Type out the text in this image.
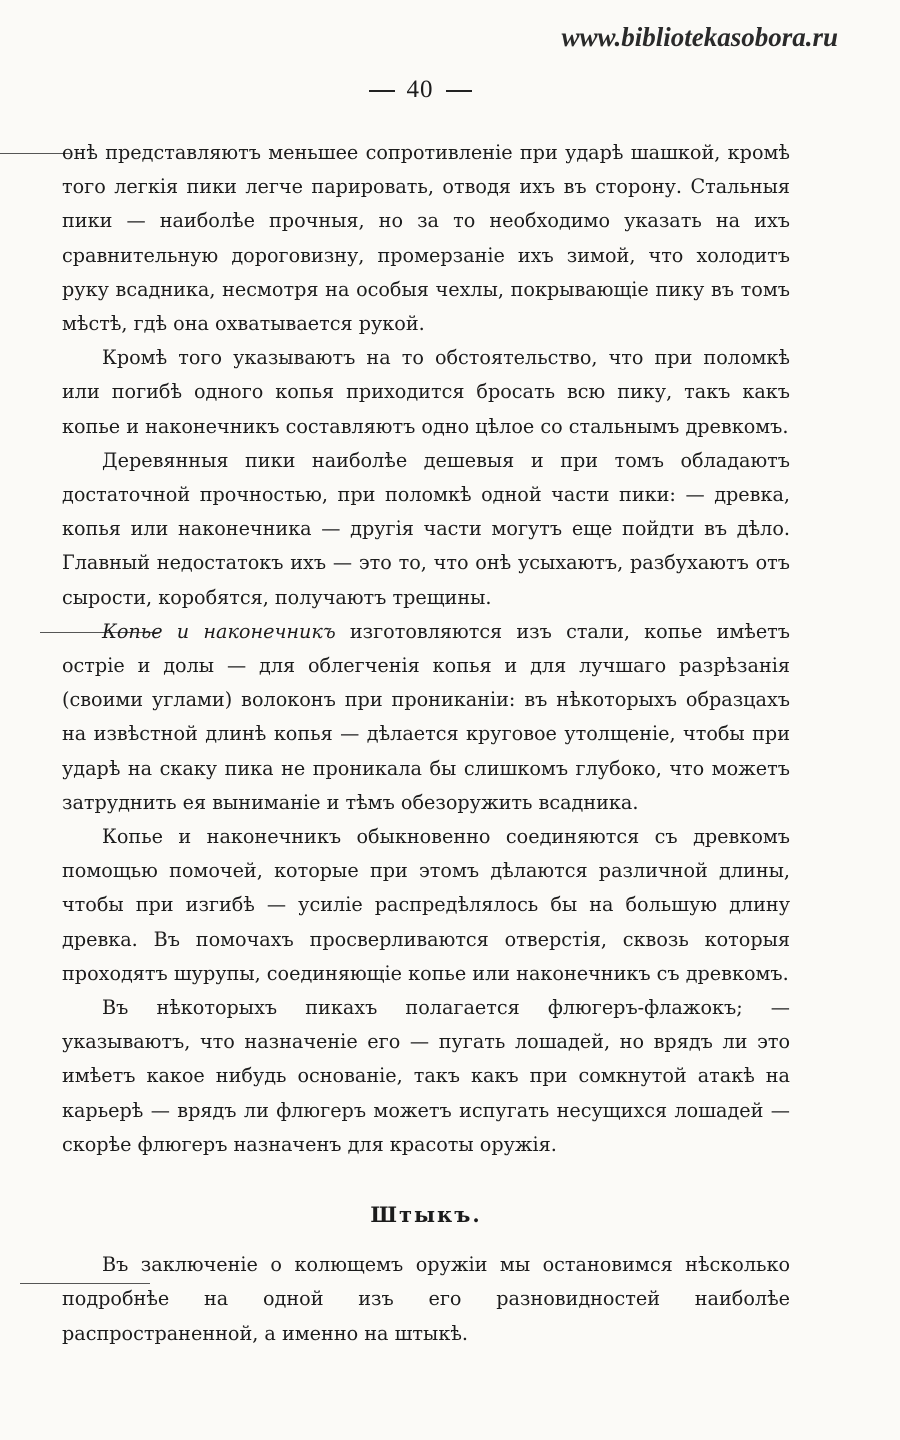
www.bibliotekasobora.ru
40

онѣ представляютъ меньшее сопротивленіе при ударѣ шашкой, кромѣ того легкія пики легче парировать, отводя ихъ въ сторону. Стальныя пики — наиболѣе прочныя, но за то необходимо указать на ихъ сравнительную дороговизну, промерзаніе ихъ зимой, что холодитъ руку всадника, несмотря на особыя чехлы, покрывающіе пику въ томъ мѣстѣ, гдѣ она охватывается рукой.

Кромѣ того указываютъ на то обстоятельство, что при поломкѣ или погибѣ одного копья приходится бросать всю пику, такъ какъ копье и наконечникъ составляютъ одно цѣлое со стальнымъ древкомъ.

Деревянныя пики наиболѣе дешевыя и при томъ обладаютъ достаточной прочностью, при поломкѣ одной части пики: — древка, копья или наконечника — другія части могутъ еще пойдти въ дѣло. Главный недостатокъ ихъ — это то, что онѣ усыхаютъ, разбухаютъ отъ сырости, коробятся, получаютъ трещины.

Копье и наконечникъ изготовляются изъ стали, копье имѣетъ остріе и долы — для облегченія копья и для лучшаго разрѣзанія (своими углами) волоконъ при проникaніи: въ нѣкоторыхъ образцахъ на извѣстной длинѣ копья — дѣлается круговое утолщеніе, чтобы при ударѣ на скаку пика не проникала бы слишкомъ глубоко, что можетъ затруднить ея выниманіе и тѣмъ обезоружить всадника.

Копье и наконечникъ обыкновенно соединяются съ древкомъ помощью помочей, которые при этомъ дѣлаются различной длины, чтобы при изгибѣ — усиліе распредѣлялось бы на большую длину древка. Въ помочахъ просверливаются отверстія, сквозь которыя проходятъ шурупы, соединяющіе копье или наконечникъ съ древкомъ.

Въ нѣкоторыхъ пикахъ полагается флюгеръ-флажокъ; — указываютъ, что назначеніе его — пугать лошадей, но врядъ ли это имѣетъ какое нибудь основаніе, такъ какъ при сомкнутой атакѣ на карьерѣ — врядъ ли флюгеръ можетъ испугать несущихся лошадей — скорѣе флюгеръ назначенъ для красоты оружія.

Штыкъ.

Въ заключеніе о колющемъ оружіи мы остановимся нѣсколько подробнѣе на одной изъ его разновидностей наиболѣе распространенной, а именно на штыкѣ.
